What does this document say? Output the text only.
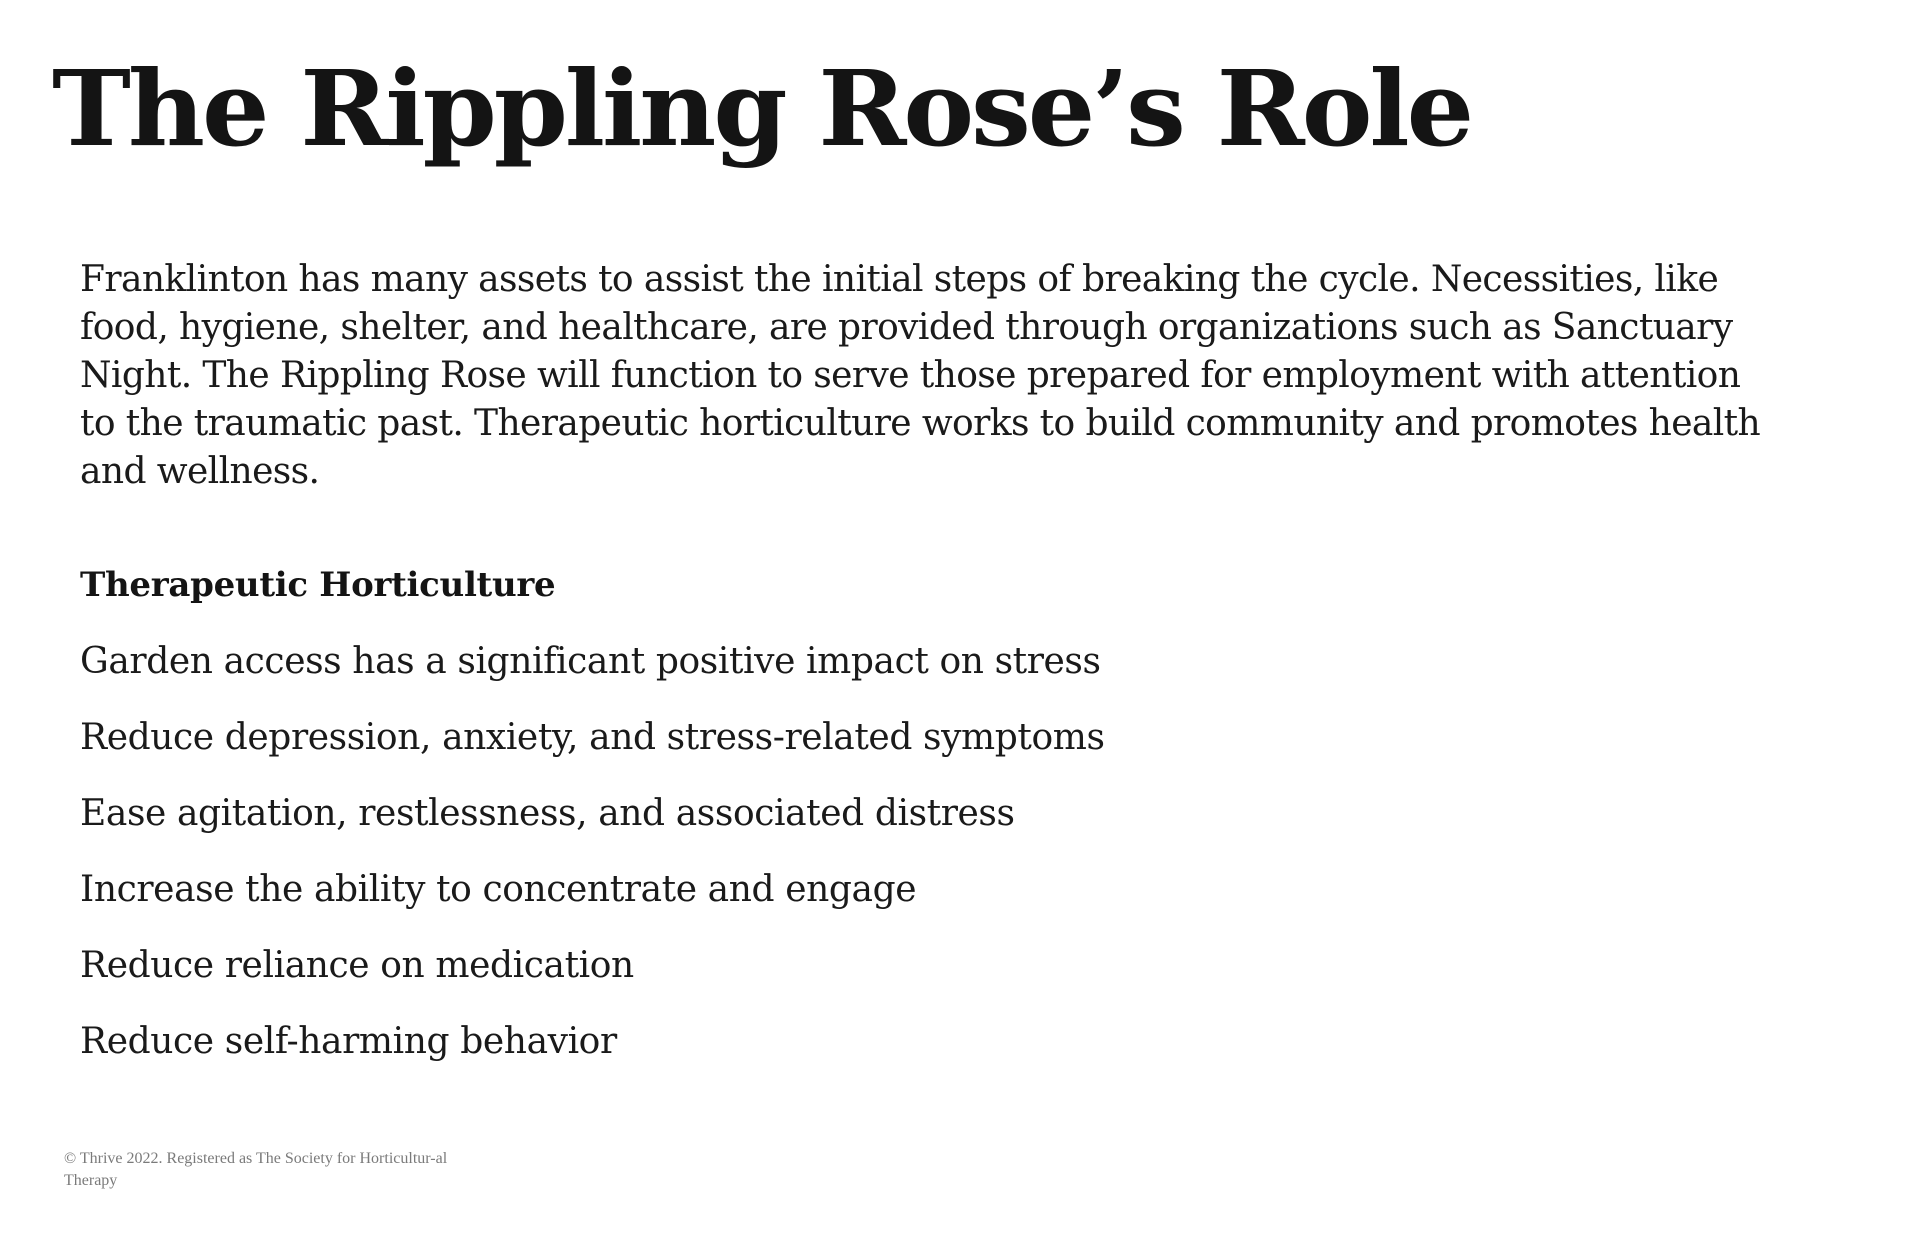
The Rippling Rose’s Role

Franklinton has many assets to assist the initial steps of breaking the cycle. Necessities, like food, hygiene, shelter, and healthcare, are provided through organizations such as Sanctuary Night. The Rippling Rose will function to serve those prepared for employment with attention to the traumatic past. Therapeutic horticulture works to build community and promotes health and wellness.

Therapeutic Horticulture
Garden access has a significant positive impact on stress
Reduce depression, anxiety, and stress-related symptoms
Ease agitation, restlessness, and associated distress
Increase the ability to concentrate and engage
Reduce reliance on medication
Reduce self-harming behavior

© Thrive 2022. Registered as The Society for Horticultur-al Therapy
